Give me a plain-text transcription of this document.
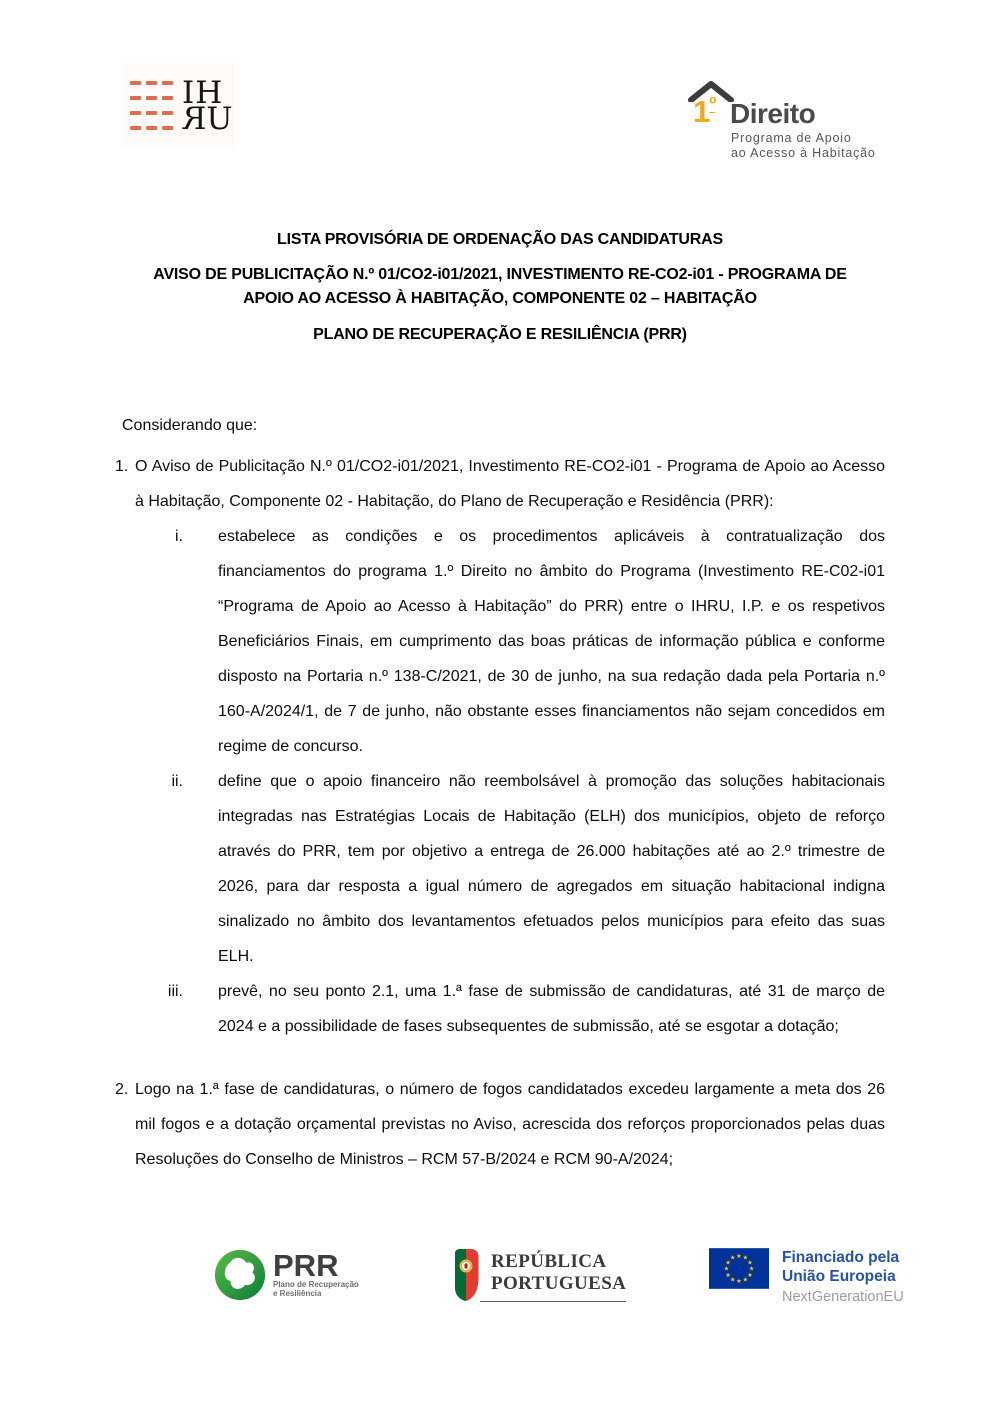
IH
RU	$1^º$ Direito
Programa de Apoio
ao Acesso à Habitação
LISTA PROVISÓRIA DE ORDENAÇÃO DAS CANDIDATURAS
AVISO DE PUBLICITAÇÃO N.º 01/CO2-i01/2021, INVESTIMENTO RE-CO2-i01 - PROGRAMA DE
APOIO AO ACESSO À HABITAÇÃO, COMPONENTE 02 – HABITAÇÃO
PLANO DE RECUPERAÇÃO E RESILIÊNCIA (PRR)
Considerando que:
1. O Aviso de Publicitação N.º 01/CO2-i01/2021, Investimento RE-CO2-i01 - Programa de Apoio ao Acesso à Habitação, Componente 02 - Habitação, do Plano de Recuperação e Residência (PRR):
i. estabelece as condições e os procedimentos aplicáveis à contratualização dos financiamentos do programa 1.º Direito no âmbito do Programa (Investimento RE-C02-i01 “Programa de Apoio ao Acesso à Habitação” do PRR) entre o IHRU, I.P. e os respetivos Beneficiários Finais, em cumprimento das boas práticas de informação pública e conforme disposto na Portaria n.º 138-C/2021, de 30 de junho, na sua redação dada pela Portaria n.º 160-A/2024/1, de 7 de junho, não obstante esses financiamentos não sejam concedidos em regime de concurso.
ii. define que o apoio financeiro não reembolsável à promoção das soluções habitacionais integradas nas Estratégias Locais de Habitação (ELH) dos municípios, objeto de reforço através do PRR, tem por objetivo a entrega de 26.000 habitações até ao 2.º trimestre de 2026, para dar resposta a igual número de agregados em situação habitacional indigna sinalizado no âmbito dos levantamentos efetuados pelos municípios para efeito das suas ELH.
iii. prevê, no seu ponto 2.1, uma 1.ª fase de submissão de candidaturas, até 31 de março de 2024 e a possibilidade de fases subsequentes de submissão, até se esgotar a dotação;
2. Logo na 1.ª fase de candidaturas, o número de fogos candidatados excedeu largamente a meta dos 26 mil fogos e a dotação orçamental previstas no Aviso, acrescida dos reforços proporcionados pelas duas Resoluções do Conselho de Ministros – RCM 57-B/2024 e RCM 90-A/2024;
PRR
Plano de Recuperação
e Resiliência
REPÚBLICA
PORTUGUESA
★ ★
★
★
★
★
★
★
★
★
★
★	Financiado pela
União Europeia
NextGenerationEU
